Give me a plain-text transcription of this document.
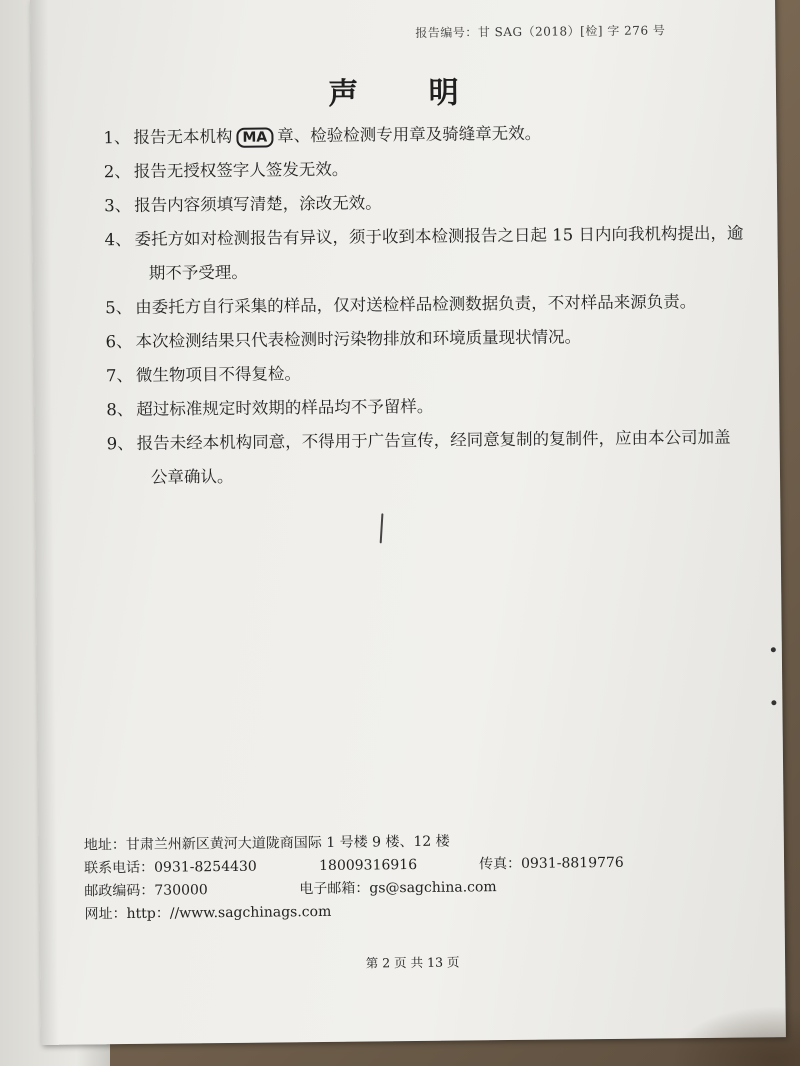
报告编号：甘 SAG（2018）[检] 字 276 号
声 明
1、 报告无本机构 MA 章、检验检测专用章及骑缝章无效。
2、 报告无授权签字人签发无效。
3、 报告内容须填写清楚，涂改无效。
4、 委托方如对检测报告有异议，须于收到本检测报告之日起 15 日内向我机构提出，逾期不予受理。
5、 由委托方自行采集的样品，仅对送检样品检测数据负责，不对样品来源负责。
6、 本次检测结果只代表检测时污染物排放和环境质量现状情况。
7、 微生物项目不得复检。
8、 超过标准规定时效期的样品均不予留样。
9、 报告未经本机构同意，不得用于广告宣传，经同意复制的复制件，应由本公司加盖公章确认。
地址：甘肃兰州新区黄河大道陇商国际 1 号楼 9 楼、12 楼
联系电话：0931-8254430	18009316916	传真：0931-8819776
邮政编码：730000	电子邮箱：gs@sagchina.com
网址：http：//www.sagchinags.com
第 2 页 共 13 页
